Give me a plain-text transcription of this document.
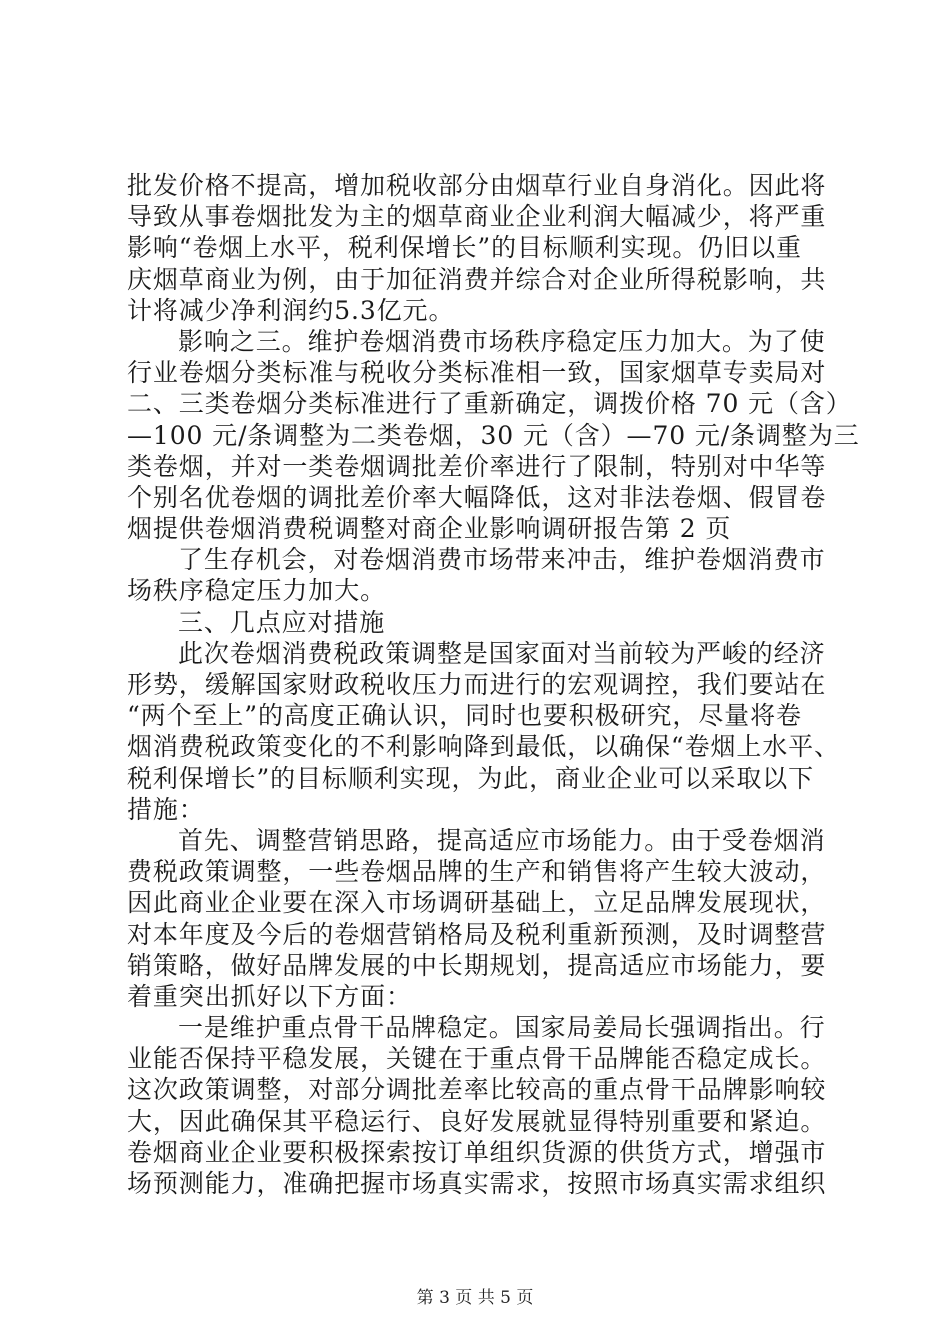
批发价格不提高，增加税收部分由烟草行业自身消化。因此将
导致从事卷烟批发为主的烟草商业企业利润大幅减少，将严重
影响“卷烟上水平，税利保增长”的目标顺利实现。仍旧以重
庆烟草商业为例，由于加征消费并综合对企业所得税影响，共
计将减少净利润约5.3亿元。
影响之三。维护卷烟消费市场秩序稳定压力加大。为了使
行业卷烟分类标准与税收分类标准相一致，国家烟草专卖局对
二、三类卷烟分类标准进行了重新确定，调拨价格 70 元（含）
—100 元/条调整为二类卷烟，30 元（含）—70 元/条调整为三
类卷烟，并对一类卷烟调批差价率进行了限制，特别对中华等
个别名优卷烟的调批差价率大幅降低，这对非法卷烟、假冒卷
烟提供卷烟消费税调整对商企业影响调研报告第 2 页
了生存机会，对卷烟消费市场带来冲击，维护卷烟消费市
场秩序稳定压力加大。
三、几点应对措施
此次卷烟消费税政策调整是国家面对当前较为严峻的经济
形势，缓解国家财政税收压力而进行的宏观调控，我们要站在
“两个至上”的高度正确认识，同时也要积极研究，尽量将卷
烟消费税政策变化的不利影响降到最低，以确保“卷烟上水平、
税利保增长”的目标顺利实现，为此，商业企业可以采取以下
措施：
首先、调整营销思路，提高适应市场能力。由于受卷烟消
费税政策调整，一些卷烟品牌的生产和销售将产生较大波动，
因此商业企业要在深入市场调研基础上，立足品牌发展现状，
对本年度及今后的卷烟营销格局及税利重新预测，及时调整营
销策略，做好品牌发展的中长期规划，提高适应市场能力，要
着重突出抓好以下方面：
一是维护重点骨干品牌稳定。国家局姜局长强调指出。行
业能否保持平稳发展，关键在于重点骨干品牌能否稳定成长。
这次政策调整，对部分调批差率比较高的重点骨干品牌影响较
大，因此确保其平稳运行、良好发展就显得特别重要和紧迫。
卷烟商业企业要积极探索按订单组织货源的供货方式，增强市
场预测能力，准确把握市场真实需求，按照市场真实需求组织
第 3 页 共 5 页
